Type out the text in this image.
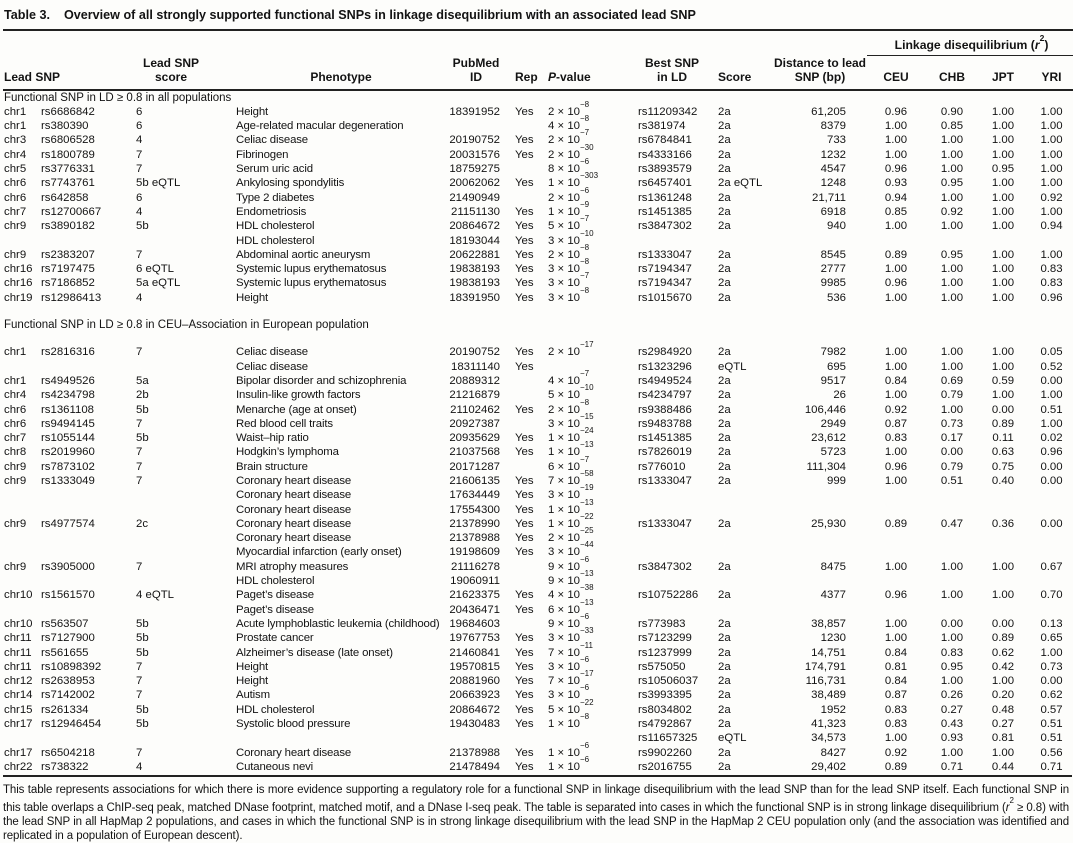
Table 3. Overview of all strongly supported functional SNPs in linkage disequilibrium with an associated lead SNP
										Linkage disequilibrium $(r^2)$			
Lead SNP		Lead SNP score	Phenotype	PubMed ID	Rep	P-value	Best SNP in LD	Score	Distance to lead SNP (bp)	CEU	CHB	JPT	YRI
Functional SNP in LD ≥ 0.8 in all populations													
chr1	rs6686842	6	Height	18391952	Yes	$2 \times 10^{-8}$	rs11209342	2a	61,205	0.96	0.90	1.00	1.00
chr1	rs380390	6	Age-related macular degeneration			$4 \times 10^{-8}$	rs381974	2a	8379	1.00	0.85	1.00	1.00
chr3	rs6806528	4	Celiac disease	20190752	Yes	$2 \times 10^{-7}$	rs6784841	2a	733	1.00	1.00	1.00	1.00
chr4	rs1800789	7	Fibrinogen	20031576	Yes	$2 \times 10^{-30}$	rs4333166	2a	1232	1.00	1.00	1.00	1.00
chr5	rs3776331	7	Serum uric acid	18759275		$8 \times 10^{-6}$	rs3893579	2a	4547	0.96	1.00	0.95	1.00
chr6	rs7743761	5b eQTL	Ankylosing spondylitis	20062062	Yes	$1 \times 10^{-303}$	rs6457401	2a eQTL	1248	0.93	0.95	1.00	1.00
chr6	rs642858	6	Type 2 diabetes	21490949		$2 \times 10^{-6}$	rs1361248	2a	21,711	0.94	1.00	1.00	0.92
chr7	rs12700667	4	Endometriosis	21151130	Yes	$1 \times 10^{-9}$	rs1451385	2a	6918	0.85	0.92	1.00	1.00
chr9	rs3890182	5b	HDL cholesterol	20864672	Yes	$5 \times 10^{-7}$	rs3847302	2a	940	1.00	1.00	1.00	0.94
			HDL cholesterol	18193044	Yes	$3 \times 10^{-10}$							
chr9	rs2383207	7	Abdominal aortic aneurysm	20622881	Yes	$2 \times 10^{-8}$	rs1333047	2a	8545	0.89	0.95	1.00	1.00
chr16	rs7197475	6 eQTL	Systemic lupus erythematosus	19838193	Yes	$3 \times 10^{-8}$	rs7194347	2a	2777	1.00	1.00	1.00	0.83
chr16	rs7186852	5a eQTL	Systemic lupus erythematosus	19838193	Yes	$3 \times 10^{-7}$	rs7194347	2a	9985	0.96	1.00	1.00	0.83
chr19	rs12986413	4	Height	18391950	Yes	$3 \times 10^{-8}$	rs1015670	2a	536	1.00	1.00	1.00	0.96
Functional SNP in LD ≥ 0.8 in CEU–Association in European population													
chr1	rs2816316	7	Celiac disease	20190752	Yes	$2 \times 10^{-17}$	rs2984920	2a	7982	1.00	1.00	1.00	0.05
			Celiac disease	18311140	Yes		rs1323296	eQTL	695	1.00	1.00	1.00	0.52
chr1	rs4949526	5a	Bipolar disorder and schizophrenia	20889312		$4 \times 10^{-7}$	rs4949524	2a	9517	0.84	0.69	0.59	0.00
chr4	rs4234798	2b	Insulin-like growth factors	21216879		$5 \times 10^{-10}$	rs4234797	2a	26	1.00	0.79	1.00	1.00
chr6	rs1361108	5b	Menarche (age at onset)	21102462	Yes	$2 \times 10^{-8}$	rs9388486	2a	106,446	0.92	1.00	0.00	0.51
chr6	rs9494145	7	Red blood cell traits	20927387		$3 \times 10^{-15}$	rs9483788	2a	2949	0.87	0.73	0.89	1.00
chr7	rs1055144	5b	Waist–hip ratio	20935629	Yes	$1 \times 10^{-24}$	rs1451385	2a	23,612	0.83	0.17	0.11	0.02
chr8	rs2019960	7	Hodgkin’s lymphoma	21037568	Yes	$1 \times 10^{-13}$	rs7826019	2a	5723	1.00	0.00	0.63	0.96
chr9	rs7873102	7	Brain structure	20171287		$6 \times 10^{-7}$	rs776010	2a	111,304	0.96	0.79	0.75	0.00
chr9	rs1333049	7	Coronary heart disease	21606135	Yes	$7 \times 10^{-58}$	rs1333047	2a	999	1.00	0.51	0.40	0.00
			Coronary heart disease	17634449	Yes	$3 \times 10^{-19}$							
			Coronary heart disease	17554300	Yes	$1 \times 10^{-13}$							
chr9	rs4977574	2c	Coronary heart disease	21378990	Yes	$1 \times 10^{-22}$	rs1333047	2a	25,930	0.89	0.47	0.36	0.00
			Coronary heart disease	21378988	Yes	$2 \times 10^{-25}$							
			Myocardial infarction (early onset)	19198609	Yes	$3 \times 10^{-44}$							
chr9	rs3905000	7	MRI atrophy measures	21116278		$9 \times 10^{-6}$	rs3847302	2a	8475	1.00	1.00	1.00	0.67
			HDL cholesterol	19060911		$9 \times 10^{-13}$							
chr10	rs1561570	4 eQTL	Paget’s disease	21623375	Yes	$4 \times 10^{-38}$	rs10752286	2a	4377	0.96	1.00	1.00	0.70
			Paget’s disease	20436471	Yes	$6 \times 10^{-13}$							
chr10	rs563507	5b	Acute lymphoblastic leukemia (childhood)	19684603		$9 \times 10^{-6}$	rs773983	2a	38,857	1.00	0.00	0.00	0.13
chr11	rs7127900	5b	Prostate cancer	19767753	Yes	$3 \times 10^{-33}$	rs7123299	2a	1230	1.00	1.00	0.89	0.65
chr11	rs561655	5b	Alzheimer’s disease (late onset)	21460841	Yes	$7 \times 10^{-11}$	rs1237999	2a	14,751	0.84	0.83	0.62	1.00
chr11	rs10898392	7	Height	19570815	Yes	$3 \times 10^{-6}$	rs575050	2a	174,791	0.81	0.95	0.42	0.73
chr12	rs2638953	7	Height	20881960	Yes	$7 \times 10^{-17}$	rs10506037	2a	116,731	0.84	1.00	1.00	0.00
chr14	rs7142002	7	Autism	20663923	Yes	$3 \times 10^{-6}$	rs3993395	2a	38,489	0.87	0.26	0.20	0.62
chr15	rs261334	5b	HDL cholesterol	20864672	Yes	$5 \times 10^{-22}$	rs8034802	2a	1952	0.83	0.27	0.48	0.57
chr17	rs12946454	5b	Systolic blood pressure	19430483	Yes	$1 \times 10^{-8}$	rs4792867	2a	41,323	0.83	0.43	0.27	0.51
							rs11657325	eQTL	34,573	1.00	0.93	0.81	0.51
chr17	rs6504218	7	Coronary heart disease	21378988	Yes	$1 \times 10^{-6}$	rs9902260	2a	8427	0.92	1.00	1.00	0.56
chr22	rs738322	4	Cutaneous nevi	21478494	Yes	$1 \times 10^{-6}$	rs2016755	2a	29,402	0.89	0.71	0.44	0.71
This table represents associations for which there is more evidence supporting a regulatory role for a functional SNP in linkage disequilibrium with the lead SNP than for the lead SNP itself. Each functional SNP in this table overlaps a ChIP-seq peak, matched DNase footprint, matched motif, and a DNase I-seq peak. The table is separated into cases in which the functional SNP is in strong linkage disequilibrium $(r^2 \ge 0.8)$ with the lead SNP in all HapMap 2 populations, and cases in which the functional SNP is in strong linkage disequilibrium with the lead SNP in the HapMap 2 CEU population only (and the association was identified and replicated in a population of European descent).
